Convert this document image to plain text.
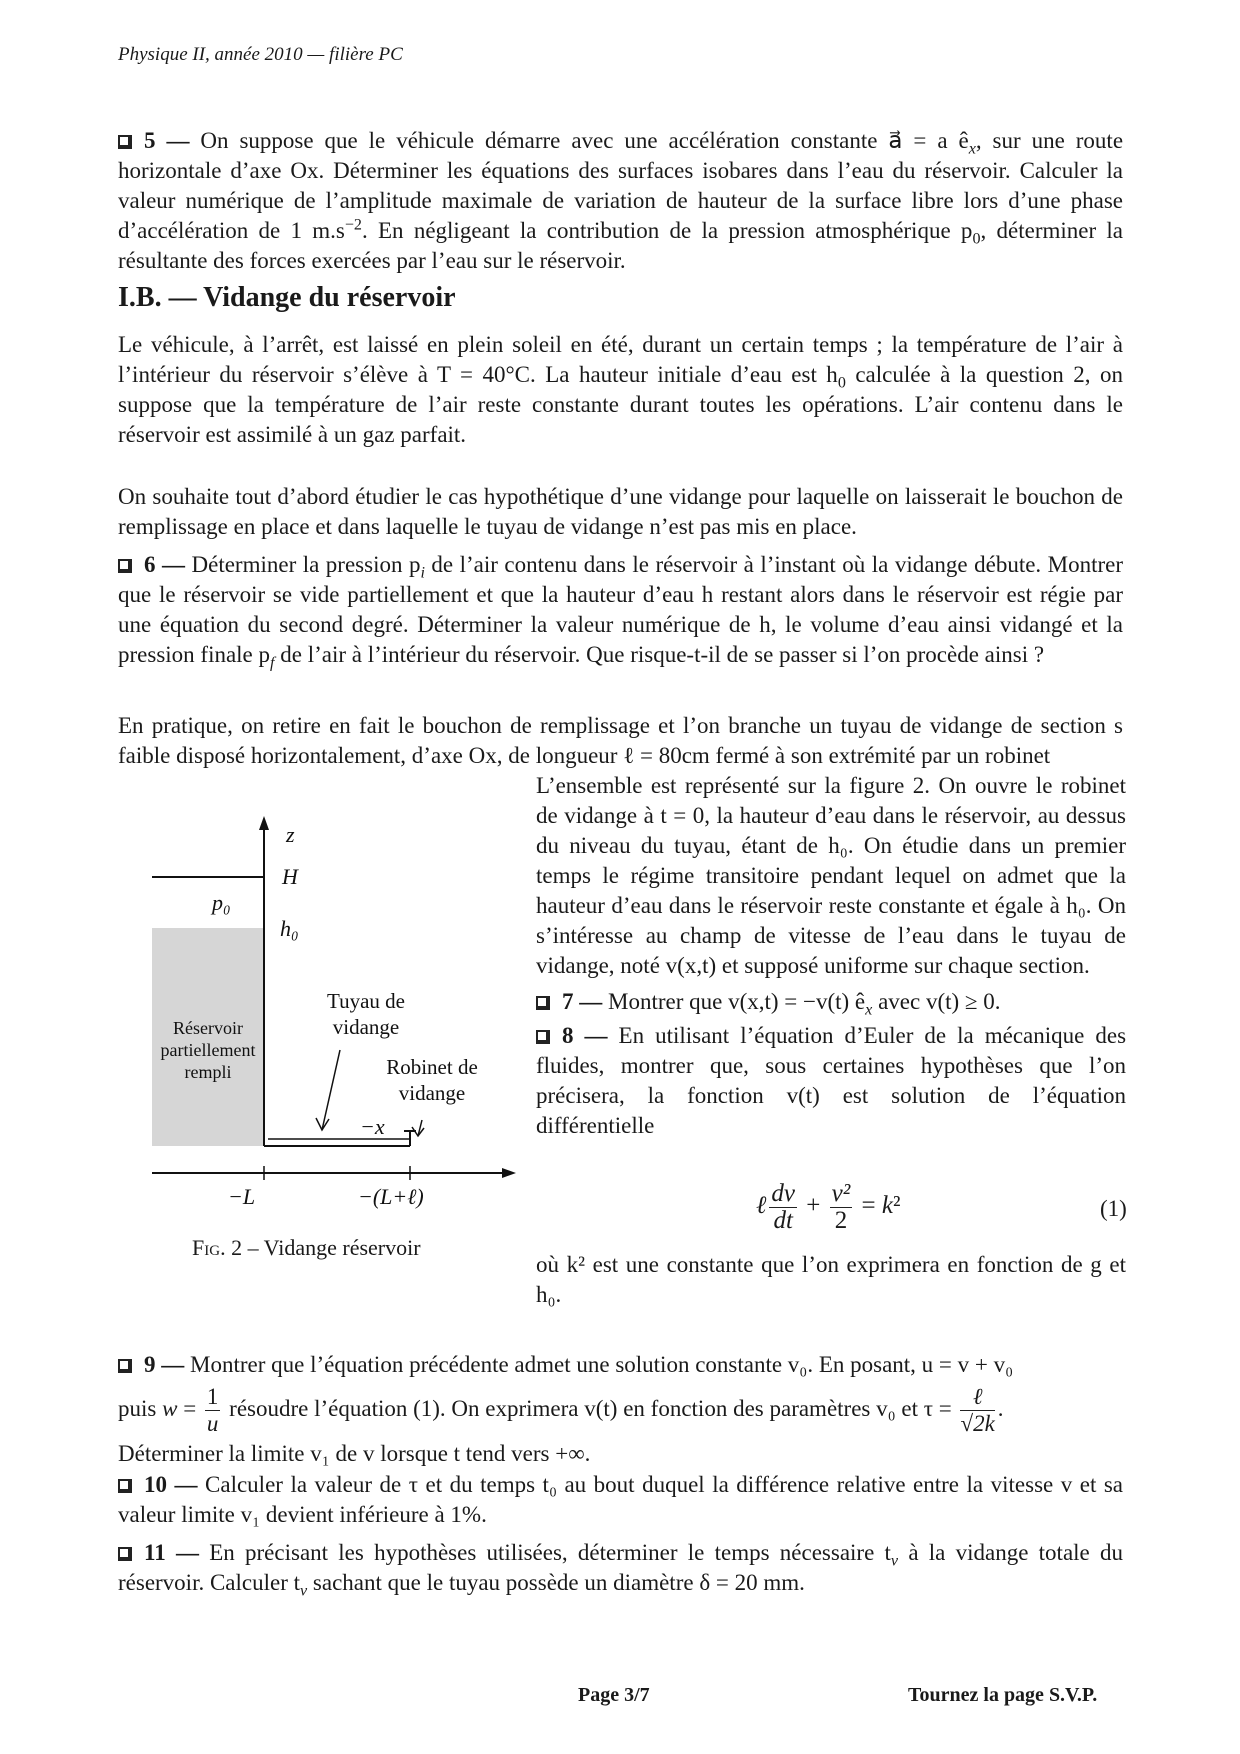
Physique II, année 2010 — filière PC

5 — On suppose que le véhicule démarre avec une accélération constante a⃗ = a $ê_x$, sur une route horizontale d’axe Ox. Déterminer les équations des surfaces isobares dans l’eau du réservoir. Calculer la valeur numérique de l’amplitude maximale de variation de hauteur de la surface libre lors d’une phase d’accélération de 1 $m.s^{-2}$. En négligeant la contribution de la pression atmosphérique $p_0$, déterminer la résultante des forces exercées par l’eau sur le réservoir.

I.B. — Vidange du réservoir

Le véhicule, à l’arrêt, est laissé en plein soleil en été, durant un certain temps ; la température de l’air à l’intérieur du réservoir s’élève à T = 40°C. La hauteur initiale d’eau est $h_0$ calculée à la question 2, on suppose que la température de l’air reste constante durant toutes les opérations. L’air contenu dans le réservoir est assimilé à un gaz parfait.

On souhaite tout d’abord étudier le cas hypothétique d’une vidange pour laquelle on laisserait le bouchon de remplissage en place et dans laquelle le tuyau de vidange n’est pas mis en place.

6 — Déterminer la pression $p_i$ de l’air contenu dans le réservoir à l’instant où la vidange débute. Montrer que le réservoir se vide partiellement et que la hauteur d’eau h restant alors dans le réservoir est régie par une équation du second degré. Déterminer la valeur numérique de h, le volume d’eau ainsi vidangé et la pression finale $p_f$ de l’air à l’intérieur du réservoir. Que risque-t-il de se passer si l’on procède ainsi ?

En pratique, on retire en fait le bouchon de remplissage et l’on branche un tuyau de vidange de section s faible disposé horizontalement, d’axe Ox, de longueur ℓ = 80cm fermé à son extrémité par un robinet

L’ensemble est représenté sur la figure 2. On ouvre le robinet de vidange à t = 0, la hauteur d’eau dans le réservoir, au dessus du niveau du tuyau, étant de h₀. On étudie dans un premier temps le régime transitoire pendant lequel on admet que la hauteur d’eau dans le réservoir reste constante et égale à h₀. On s’intéresse au champ de vitesse de l’eau dans le tuyau de vidange, noté v(x,t) et supposé uniforme sur chaque section.

7 — Montrer que v(x,t) = −v(t) $ê_x$ avec v(t) ≥ 0.

8 — En utilisant l’équation d’Euler de la mécanique des fluides, montrer que, sous certaines hypothèses que l’on précisera, la fonction v(t) est solution de l’équation différentielle

ℓ $\frac{dv}{dt} + \frac{\text{v²}}{2} = k^2$	(1)

où k² est une constante que l’on exprimera en fonction de g et h₀.

z
H
p₀
h₀
−x
−L	−(L+ℓ)
Réservoir
partiellement
rempli
Tuyau de
vidange
Robinet de
vidange
Fig. 2 – Vidange réservoir

9 — Montrer que l’équation précédente admet une solution constante v₀. En posant, u = v + v₀

puis $w = \frac{1}{u}$ résoudre l’équation (1). On exprimera v(t) en fonction des paramètres v₀ et $\tau = \frac{\text{ℓ}}{√2k}$ .

Déterminer la limite v₁ de v lorsque t tend vers +∞.

10 — Calculer la valeur de τ et du temps t₀ au bout duquel la différence relative entre la vitesse v et sa valeur limite v₁ devient inférieure à 1%.

11 — En précisant les hypothèses utilisées, déterminer le temps nécessaire $t_v$ à la vidange totale du réservoir. Calculer $t_v$ sachant que le tuyau possède un diamètre δ = 20 mm.

Page 3/7	Tournez la page S.V.P.
